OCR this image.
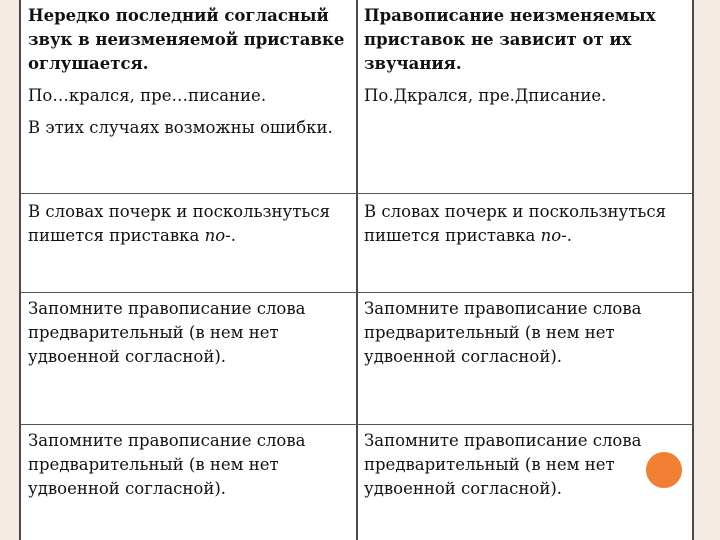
Нередко последний согласный звук в неизменяемой приставке оглушается.

По…крался, пре…писание.

В этих случаях возможны ошибки.

Правописание неизменяемых приставок не зависит от их звучания.

По.Дкрался, пре.Дписание.

В словах почерк и поскользнуться пишется приставка по-.

В словах почерк и поскользнуться пишется приставка по-.

Запомните правописание слова предварительный (в нем нет удвоенной согласной).

Запомните правописание слова предварительный (в нем нет удвоенной согласной).

Запомните правописание слова предварительный (в нем нет удвоенной согласной).

Запомните правописание слова предварительный (в нем нет удвоенной согласной).
